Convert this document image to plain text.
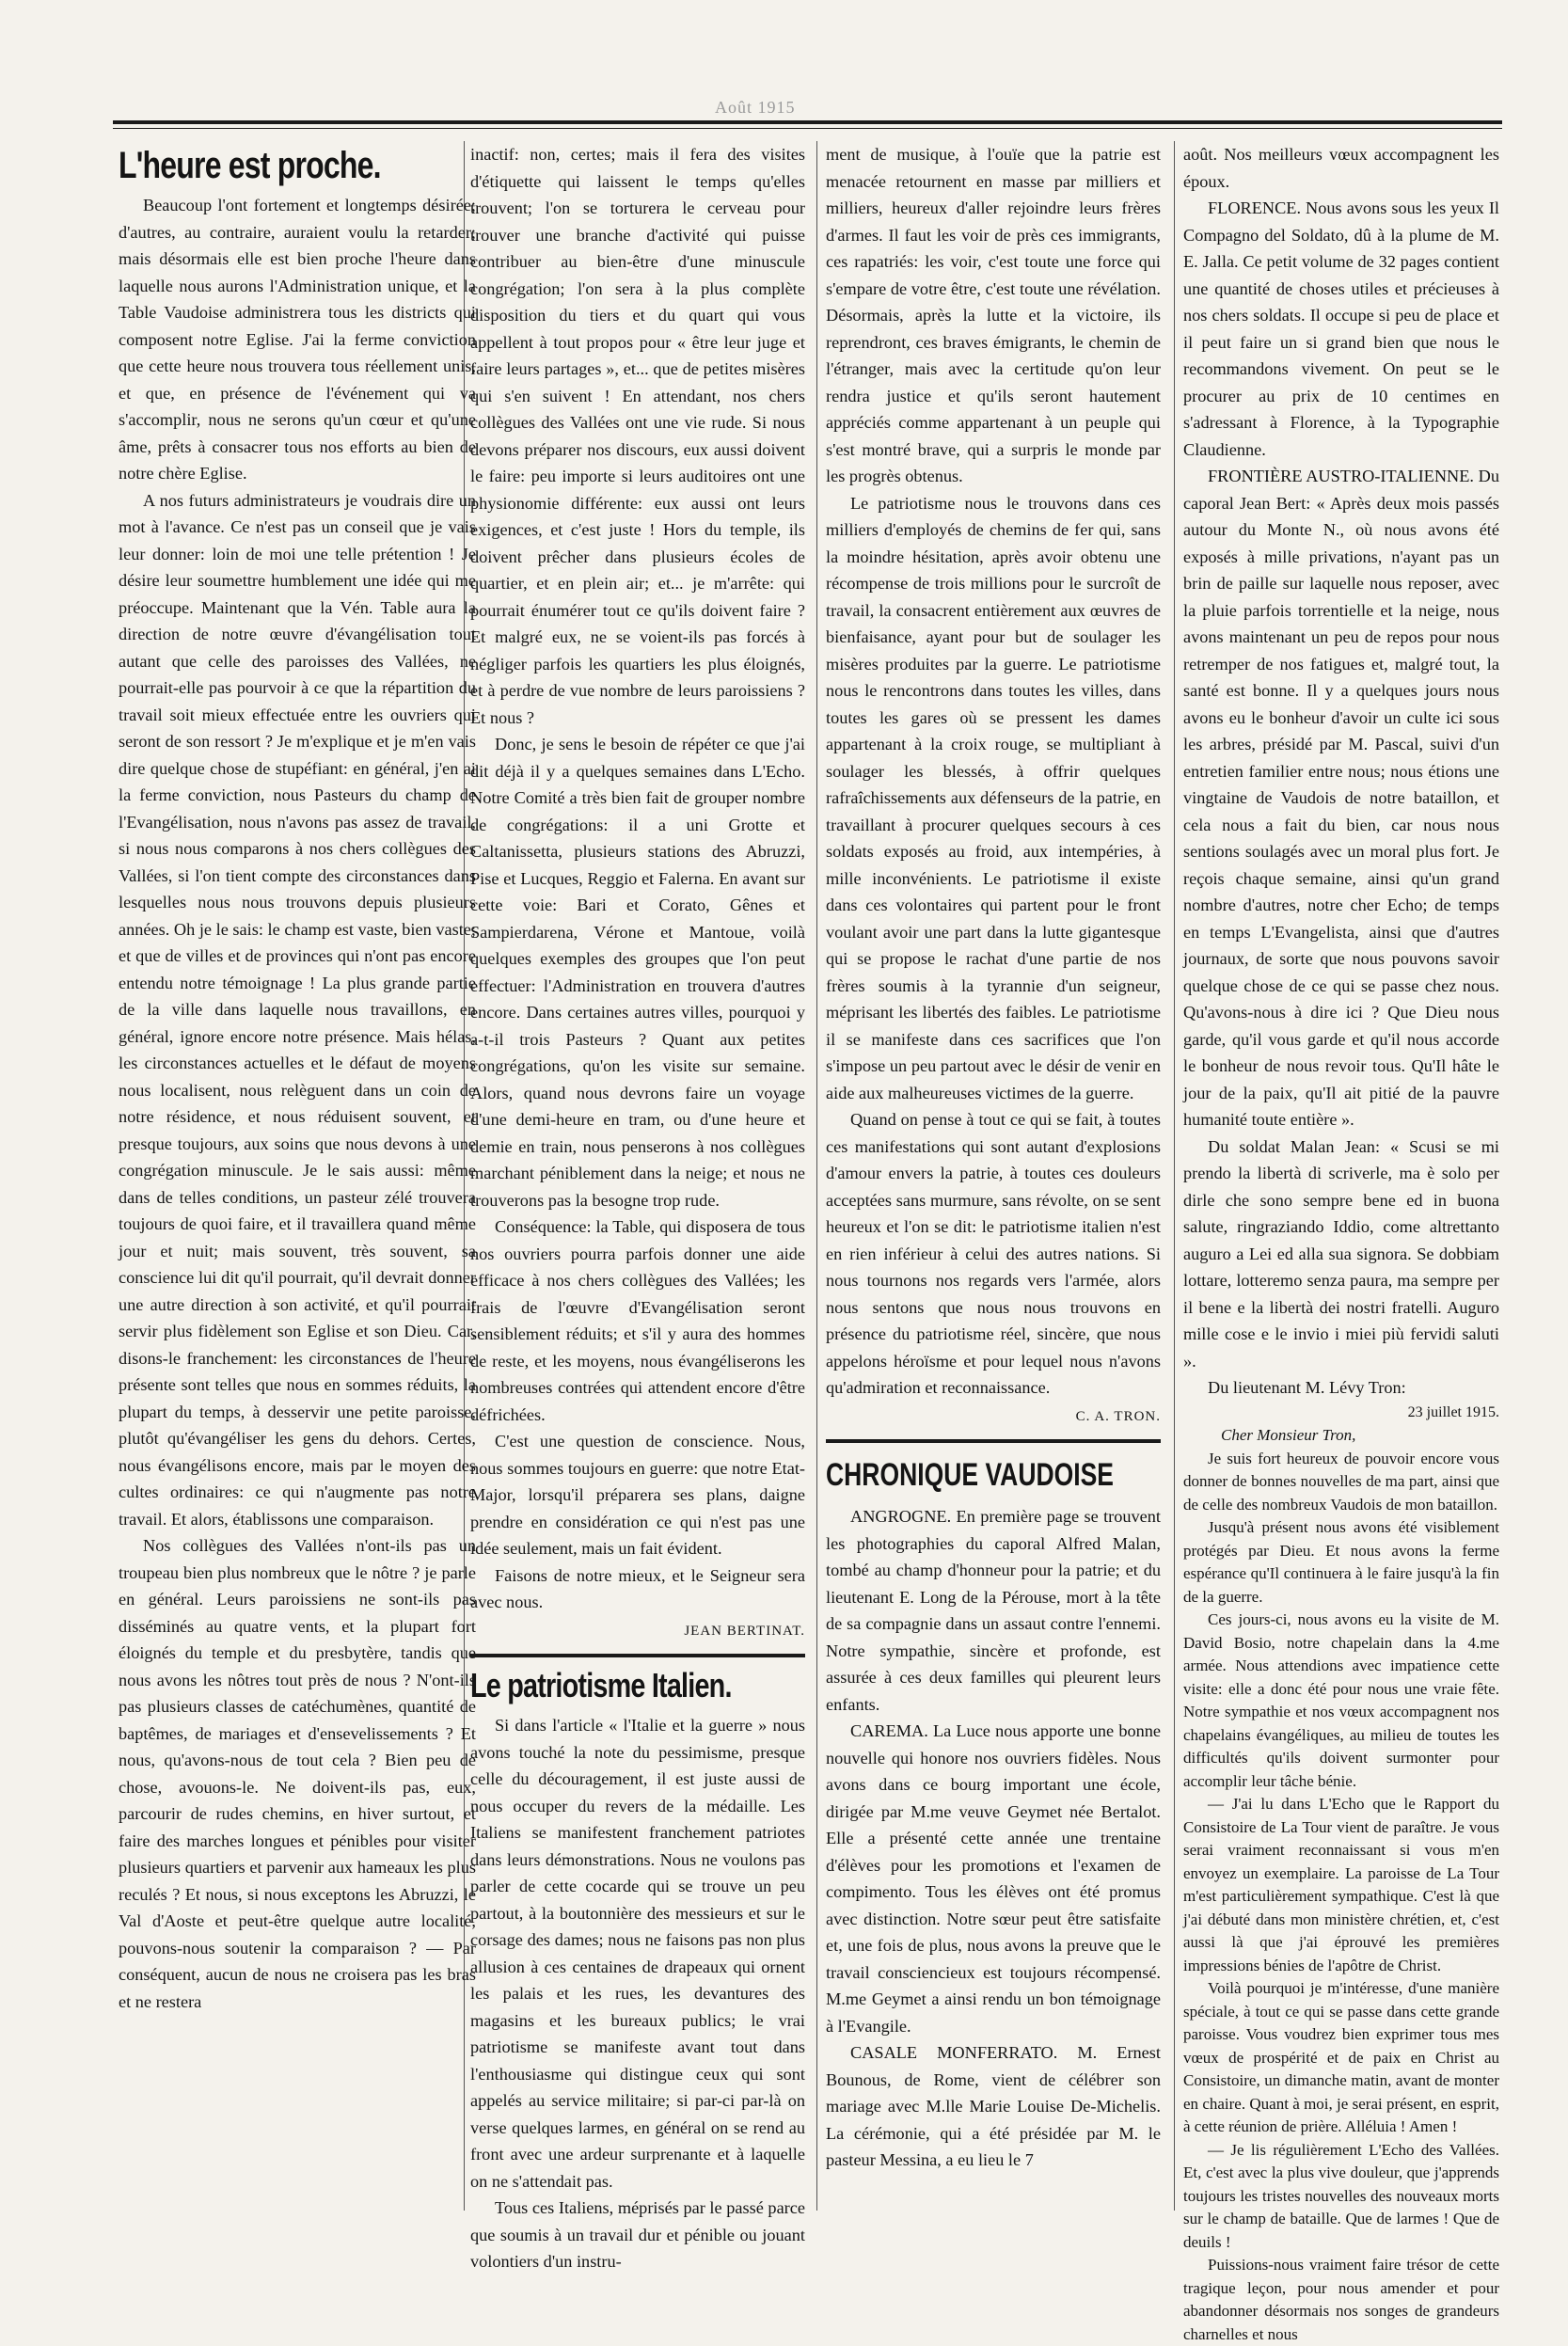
Août 1915
L'heure est proche.

Beaucoup l'ont fortement et longtemps désirée; d'autres, au contraire, auraient voulu la retarder; mais désormais elle est bien proche l'heure dans laquelle nous aurons l'Administration unique, et la Table Vaudoise administrera tous les districts qui composent notre Eglise. J'ai la ferme conviction que cette heure nous trouvera tous réellement unis, et que, en présence de l'événement qui va s'accomplir, nous ne serons qu'un cœur et qu'une âme, prêts à consacrer tous nos efforts au bien de notre chère Eglise.

A nos futurs administrateurs je voudrais dire un mot à l'avance. Ce n'est pas un conseil que je vais leur donner: loin de moi une telle prétention ! Je désire leur soumettre humblement une idée qui me préoccupe. Maintenant que la Vén. Table aura la direction de notre œuvre d'évangélisation tout autant que celle des paroisses des Vallées, ne pourrait-elle pas pourvoir à ce que la répartition du travail soit mieux effectuée entre les ouvriers qui seront de son ressort ? Je m'explique et je m'en vais dire quelque chose de stupéfiant: en général, j'en ai la ferme conviction, nous Pasteurs du champ de l'Evangélisation, nous n'avons pas assez de travail, si nous nous comparons à nos chers collègues des Vallées, si l'on tient compte des circonstances dans lesquelles nous nous trouvons depuis plusieurs années. Oh je le sais: le champ est vaste, bien vaste; et que de villes et de provinces qui n'ont pas encore entendu notre témoignage ! La plus grande partie de la ville dans laquelle nous travaillons, en général, ignore encore notre présence. Mais hélas, les circonstances actuelles et le défaut de moyens nous localisent, nous relèguent dans un coin de notre résidence, et nous réduisent souvent, et presque toujours, aux soins que nous devons à une congrégation minuscule. Je le sais aussi: même dans de telles conditions, un pasteur zélé trouvera toujours de quoi faire, et il travaillera quand même jour et nuit; mais souvent, très souvent, sa conscience lui dit qu'il pourrait, qu'il devrait donner une autre direction à son activité, et qu'il pourrait servir plus fidèlement son Eglise et son Dieu. Car, disons-le franchement: les circonstances de l'heure présente sont telles que nous en sommes réduits, la plupart du temps, à desservir une petite paroisse, plutôt qu'évangéliser les gens du dehors. Certes, nous évangélisons encore, mais par le moyen des cultes ordinaires: ce qui n'augmente pas notre travail. Et alors, établissons une comparaison.

Nos collègues des Vallées n'ont-ils pas un troupeau bien plus nombreux que le nôtre ? je parle en général. Leurs paroissiens ne sont-ils pas disséminés au quatre vents, et la plupart fort éloignés du temple et du presbytère, tandis que nous avons les nôtres tout près de nous ? N'ont-ils pas plusieurs classes de catéchumènes, quantité de baptêmes, de mariages et d'ensevelissements ? Et nous, qu'avons-nous de tout cela ? Bien peu de chose, avouons-le. Ne doivent-ils pas, eux, parcourir de rudes chemins, en hiver surtout, et faire des marches longues et pénibles pour visiter plusieurs quartiers et parvenir aux hameaux les plus reculés ? Et nous, si nous exceptons les Abruzzi, le Val d'Aoste et peut-être quelque autre localité, pouvons-nous soutenir la comparaison ? — Par conséquent, aucun de nous ne croisera pas les bras et ne restera

inactif: non, certes; mais il fera des visites d'étiquette qui laissent le temps qu'elles trouvent; l'on se torturera le cerveau pour trouver une branche d'activité qui puisse contribuer au bien-être d'une minuscule congrégation; l'on sera à la plus complète disposition du tiers et du quart qui vous appellent à tout propos pour « être leur juge et faire leurs partages », et... que de petites misères qui s'en suivent ! En attendant, nos chers collègues des Vallées ont une vie rude. Si nous devons préparer nos discours, eux aussi doivent le faire: peu importe si leurs auditoires ont une physionomie différente: eux aussi ont leurs exigences, et c'est juste ! Hors du temple, ils doivent prêcher dans plusieurs écoles de quartier, et en plein air; et... je m'arrête: qui pourrait énumérer tout ce qu'ils doivent faire ? Et malgré eux, ne se voient-ils pas forcés à négliger parfois les quartiers les plus éloignés, et à perdre de vue nombre de leurs paroissiens ? Et nous ?

Donc, je sens le besoin de répéter ce que j'ai dit déjà il y a quelques semaines dans L'Echo. Notre Comité a très bien fait de grouper nombre de congrégations: il a uni Grotte et Caltanissetta, plusieurs stations des Abruzzi, Pise et Lucques, Reggio et Falerna. En avant sur cette voie: Bari et Corato, Gênes et Sampierdarena, Vérone et Mantoue, voilà quelques exemples des groupes que l'on peut effectuer: l'Administration en trouvera d'autres encore. Dans certaines autres villes, pourquoi y a-t-il trois Pasteurs ? Quant aux petites congrégations, qu'on les visite sur semaine. Alors, quand nous devrons faire un voyage d'une demi-heure en tram, ou d'une heure et demie en train, nous penserons à nos collègues marchant péniblement dans la neige; et nous ne trouverons pas la besogne trop rude.

Conséquence: la Table, qui disposera de tous nos ouvriers pourra parfois donner une aide efficace à nos chers collègues des Vallées; les frais de l'œuvre d'Evangélisation seront sensiblement réduits; et s'il y aura des hommes de reste, et les moyens, nous évangéliserons les nombreuses contrées qui attendent encore d'être défrichées.

C'est une question de conscience. Nous, nous sommes toujours en guerre: que notre Etat-Major, lorsqu'il préparera ses plans, daigne prendre en considération ce qui n'est pas une idée seulement, mais un fait évident.

Faisons de notre mieux, et le Seigneur sera avec nous.

JEAN BERTINAT.
Le patriotisme Italien.

Si dans l'article « l'Italie et la guerre » nous avons touché la note du pessimisme, presque celle du découragement, il est juste aussi de nous occuper du revers de la médaille. Les Italiens se manifestent franchement patriotes dans leurs démonstrations. Nous ne voulons pas parler de cette cocarde qui se trouve un peu partout, à la boutonnière des messieurs et sur le corsage des dames; nous ne faisons pas non plus allusion à ces centaines de drapeaux qui ornent les palais et les rues, les devantures des magasins et les bureaux publics; le vrai patriotisme se manifeste avant tout dans l'enthousiasme qui distingue ceux qui sont appelés au service militaire; si par-ci par-là on verse quelques larmes, en général on se rend au front avec une ardeur surprenante et à laquelle on ne s'attendait pas.

Tous ces Italiens, méprisés par le passé parce que soumis à un travail dur et pénible ou jouant volontiers d'un instru-

ment de musique, à l'ouïe que la patrie est menacée retournent en masse par milliers et milliers, heureux d'aller rejoindre leurs frères d'armes. Il faut les voir de près ces immigrants, ces rapatriés: les voir, c'est toute une force qui s'empare de votre être, c'est toute une révélation. Désormais, après la lutte et la victoire, ils reprendront, ces braves émigrants, le chemin de l'étranger, mais avec la certitude qu'on leur rendra justice et qu'ils seront hautement appréciés comme appartenant à un peuple qui s'est montré brave, qui a surpris le monde par les progrès obtenus.

Le patriotisme nous le trouvons dans ces milliers d'employés de chemins de fer qui, sans la moindre hésitation, après avoir obtenu une récompense de trois millions pour le surcroît de travail, la consacrent entièrement aux œuvres de bienfaisance, ayant pour but de soulager les misères produites par la guerre. Le patriotisme nous le rencontrons dans toutes les villes, dans toutes les gares où se pressent les dames appartenant à la croix rouge, se multipliant à soulager les blessés, à offrir quelques rafraîchissements aux défenseurs de la patrie, en travaillant à procurer quelques secours à ces soldats exposés au froid, aux intempéries, à mille inconvénients. Le patriotisme il existe dans ces volontaires qui partent pour le front voulant avoir une part dans la lutte gigantesque qui se propose le rachat d'une partie de nos frères soumis à la tyrannie d'un seigneur, méprisant les libertés des faibles. Le patriotisme il se manifeste dans ces sacrifices que l'on s'impose un peu partout avec le désir de venir en aide aux malheureuses victimes de la guerre.

Quand on pense à tout ce qui se fait, à toutes ces manifestations qui sont autant d'explosions d'amour envers la patrie, à toutes ces douleurs acceptées sans murmure, sans révolte, on se sent heureux et l'on se dit: le patriotisme italien n'est en rien inférieur à celui des autres nations. Si nous tournons nos regards vers l'armée, alors nous sentons que nous nous trouvons en présence du patriotisme réel, sincère, que nous appelons héroïsme et pour lequel nous n'avons qu'admiration et reconnaissance.

C. A. TRON.
CHRONIQUE VAUDOISE

ANGROGNE. En première page se trouvent les photographies du caporal Alfred Malan, tombé au champ d'honneur pour la patrie; et du lieutenant E. Long de la Pérouse, mort à la tête de sa compagnie dans un assaut contre l'ennemi. Notre sympathie, sincère et profonde, est assurée à ces deux familles qui pleurent leurs enfants.

CAREMA. La Luce nous apporte une bonne nouvelle qui honore nos ouvriers fidèles. Nous avons dans ce bourg important une école, dirigée par M.me veuve Geymet née Bertalot. Elle a présenté cette année une trentaine d'élèves pour les promotions et l'examen de compimento. Tous les élèves ont été promus avec distinction. Notre sœur peut être satisfaite et, une fois de plus, nous avons la preuve que le travail consciencieux est toujours récompensé. M.me Geymet a ainsi rendu un bon témoignage à l'Evangile.

CASALE MONFERRATO. M. Ernest Bounous, de Rome, vient de célébrer son mariage avec M.lle Marie Louise De-Michelis. La cérémonie, qui a été présidée par M. le pasteur Messina, a eu lieu le 7

août. Nos meilleurs vœux accompagnent les époux.

FLORENCE. Nous avons sous les yeux Il Compagno del Soldato, dû à la plume de M. E. Jalla. Ce petit volume de 32 pages contient une quantité de choses utiles et précieuses à nos chers soldats. Il occupe si peu de place et il peut faire un si grand bien que nous le recommandons vivement. On peut se le procurer au prix de 10 centimes en s'adressant à Florence, à la Typographie Claudienne.

FRONTIÈRE AUSTRO-ITALIENNE. Du caporal Jean Bert: « Après deux mois passés autour du Monte N., où nous avons été exposés à mille privations, n'ayant pas un brin de paille sur laquelle nous reposer, avec la pluie parfois torrentielle et la neige, nous avons maintenant un peu de repos pour nous retremper de nos fatigues et, malgré tout, la santé est bonne. Il y a quelques jours nous avons eu le bonheur d'avoir un culte ici sous les arbres, présidé par M. Pascal, suivi d'un entretien familier entre nous; nous étions une vingtaine de Vaudois de notre bataillon, et cela nous a fait du bien, car nous nous sentions soulagés avec un moral plus fort. Je reçois chaque semaine, ainsi qu'un grand nombre d'autres, notre cher Echo; de temps en temps L'Evangelista, ainsi que d'autres journaux, de sorte que nous pouvons savoir quelque chose de ce qui se passe chez nous. Qu'avons-nous à dire ici ? Que Dieu nous garde, qu'il vous garde et qu'il nous accorde le bonheur de nous revoir tous. Qu'Il hâte le jour de la paix, qu'Il ait pitié de la pauvre humanité toute entière ».

Du soldat Malan Jean: « Scusi se mi prendo la libertà di scriverle, ma è solo per dirle che sono sempre bene ed in buona salute, ringraziando Iddio, come altrettanto auguro a Lei ed alla sua signora. Se dobbiam lottare, lotteremo senza paura, ma sempre per il bene e la libertà dei nostri fratelli. Auguro mille cose e le invio i miei più fervidi saluti ».

Du lieutenant M. Lévy Tron:

23 juillet 1915.

Cher Monsieur Tron,

Je suis fort heureux de pouvoir encore vous donner de bonnes nouvelles de ma part, ainsi que de celle des nombreux Vaudois de mon bataillon.

Jusqu'à présent nous avons été visiblement protégés par Dieu. Et nous avons la ferme espérance qu'Il continuera à le faire jusqu'à la fin de la guerre.

Ces jours-ci, nous avons eu la visite de M. David Bosio, notre chapelain dans la 4.me armée. Nous attendions avec impatience cette visite: elle a donc été pour nous une vraie fête. Notre sympathie et nos vœux accompagnent nos chapelains évangéliques, au milieu de toutes les difficultés qu'ils doivent surmonter pour accomplir leur tâche bénie.

— J'ai lu dans L'Echo que le Rapport du Consistoire de La Tour vient de paraître. Je vous serai vraiment reconnaissant si vous m'en envoyez un exemplaire. La paroisse de La Tour m'est particulièrement sympathique. C'est là que j'ai débuté dans mon ministère chrétien, et, c'est aussi là que j'ai éprouvé les premières impressions bénies de l'apôtre de Christ.

Voilà pourquoi je m'intéresse, d'une manière spéciale, à tout ce qui se passe dans cette grande paroisse. Vous voudrez bien exprimer tous mes vœux de prospérité et de paix en Christ au Consistoire, un dimanche matin, avant de monter en chaire. Quant à moi, je serai présent, en esprit, à cette réunion de prière. Alléluia ! Amen !

— Je lis régulièrement L'Echo des Vallées. Et, c'est avec la plus vive douleur, que j'apprends toujours les tristes nouvelles des nouveaux morts sur le champ de bataille. Que de larmes ! Que de deuils !

Puissions-nous vraiment faire trésor de cette tragique leçon, pour nous amender et pour abandonner désormais nos songes de grandeurs charnelles et nous
